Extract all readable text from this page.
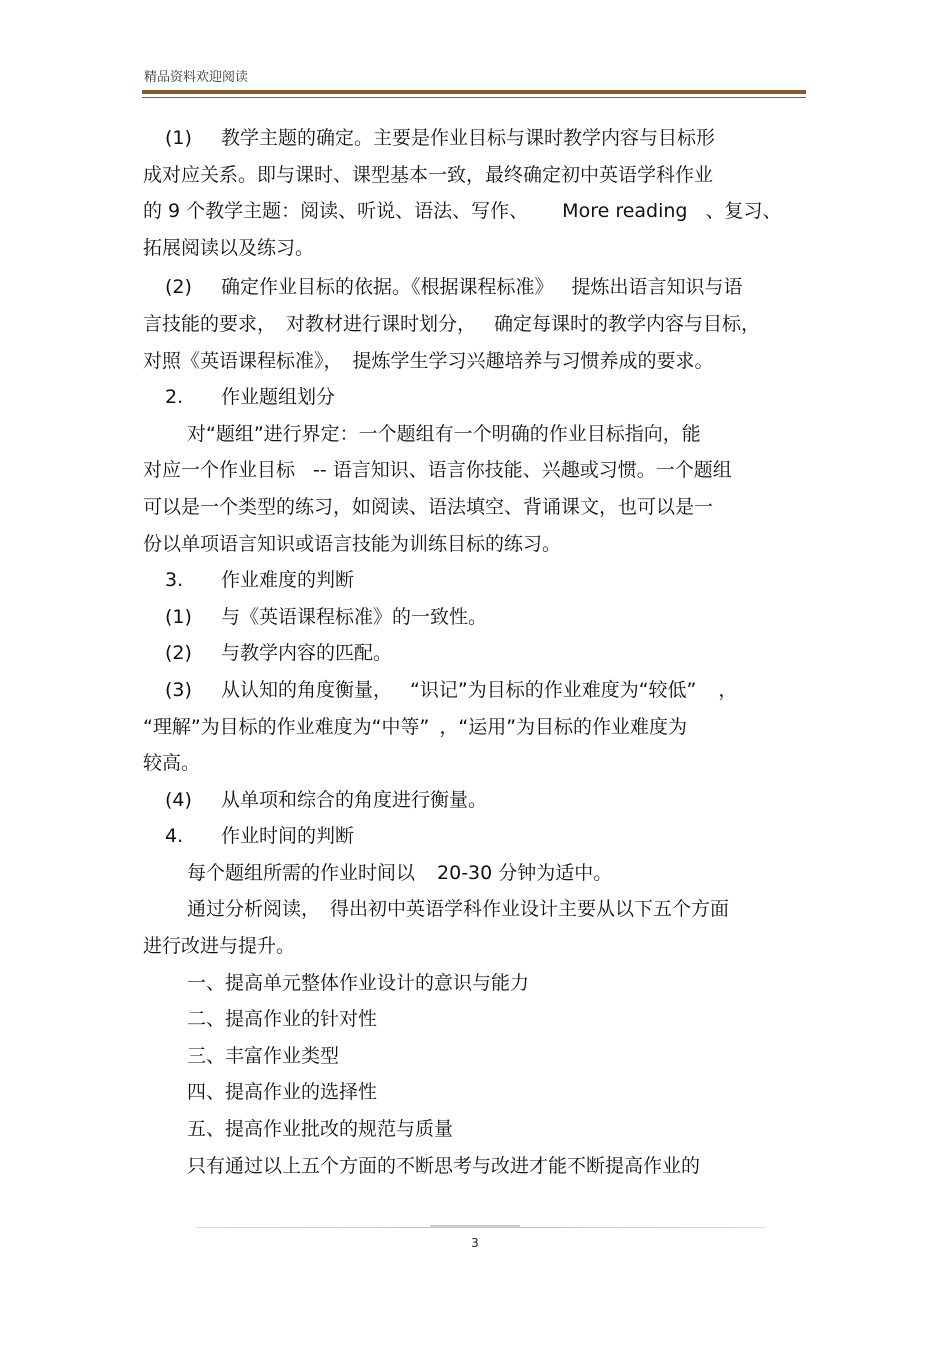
精品资料欢迎阅读
(1) 教学主题的确定。主要是作业目标与课时教学内容与目标形
成对应关系。即与课时、课型基本一致，最终确定初中英语学科作业
的 9 个教学主题：阅读、听说、语法、写作、 More reading 、复习、
拓展阅读以及练习。
(2) 确定作业目标的依据。《根据课程标准》 提炼出语言知识与语
言技能的要求， 对教材进行课时划分， 确定每课时的教学内容与目标，
对照《英语课程标准》， 提炼学生学习兴趣培养与习惯养成的要求。
2. 作业题组划分
对“题组”进行界定：一个题组有一个明确的作业目标指向，能
对应一个作业目标 -- 语言知识、语言你技能、兴趣或习惯。一个题组
可以是一个类型的练习，如阅读、语法填空、背诵课文，也可以是一
份以单项语言知识或语言技能为训练目标的练习。
3. 作业难度的判断
(1) 与《英语课程标准》的一致性。
(2) 与教学内容的匹配。
(3) 从认知的角度衡量， “识记”为目标的作业难度为“较低” ，
“理解”为目标的作业难度为“中等” ，“运用”为目标的作业难度为
较高。
(4) 从单项和综合的角度进行衡量。
4. 作业时间的判断
每个题组所需的作业时间以 20-30 分钟为适中。
通过分析阅读， 得出初中英语学科作业设计主要从以下五个方面
进行改进与提升。
一、提高单元整体作业设计的意识与能力
二、提高作业的针对性
三、丰富作业类型
四、提高作业的选择性
五、提高作业批改的规范与质量
只有通过以上五个方面的不断思考与改进才能不断提高作业的
3
